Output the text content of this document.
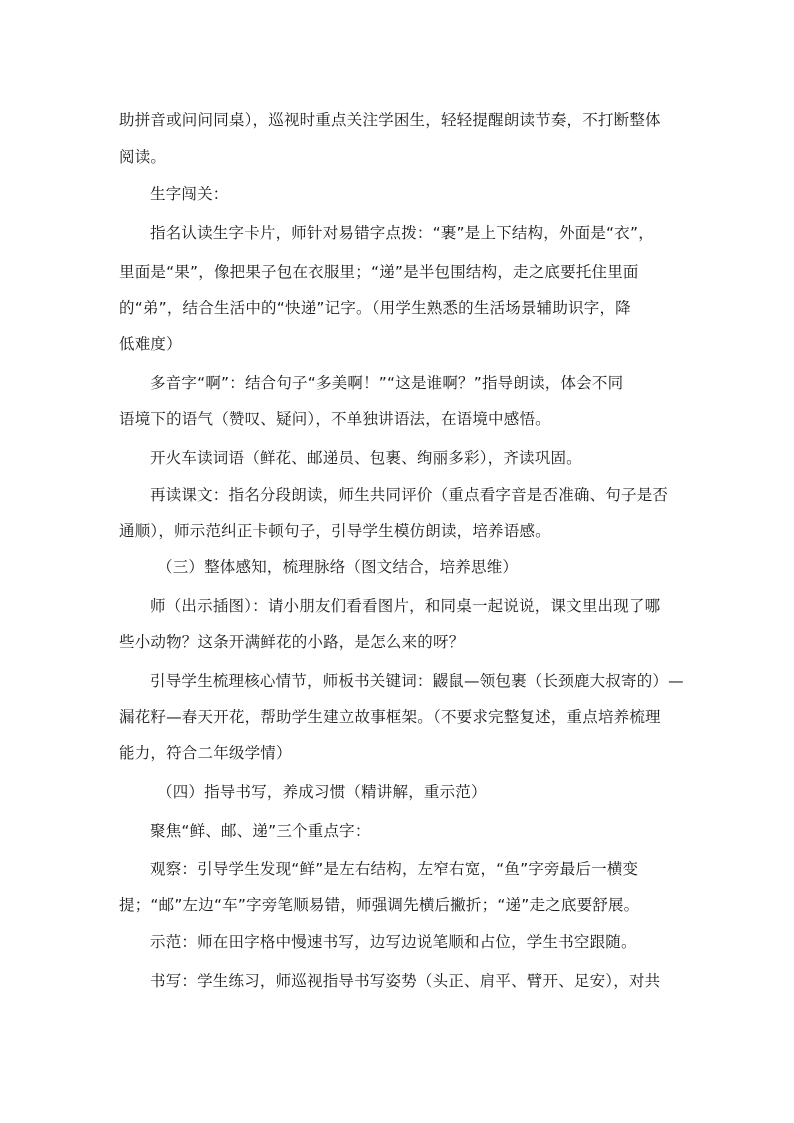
助拼音或问问同桌），巡视时重点关注学困生，轻轻提醒朗读节奏，不打断整体
阅读。
生字闯关：
指名认读生字卡片，师针对易错字点拨：“裹”是上下结构，外面是“衣”，
里面是“果”，像把果子包在衣服里；“递”是半包围结构，走之底要托住里面
的“弟”，结合生活中的“快递”记字。（用学生熟悉的生活场景辅助识字，降
低难度）
多音字“啊”：结合句子“多美啊！”“这是谁啊？”指导朗读，体会不同
语境下的语气（赞叹、疑问），不单独讲语法，在语境中感悟。
开火车读词语（鲜花、邮递员、包裹、绚丽多彩），齐读巩固。
再读课文：指名分段朗读，师生共同评价（重点看字音是否准确、句子是否
通顺），师示范纠正卡顿句子，引导学生模仿朗读，培养语感。
（三）整体感知，梳理脉络（图文结合，培养思维）
师（出示插图）：请小朋友们看看图片，和同桌一起说说，课文里出现了哪
些小动物？这条开满鲜花的小路，是怎么来的呀？
引导学生梳理核心情节，师板书关键词：鼹鼠—领包裹（长颈鹿大叔寄的）—
漏花籽—春天开花，帮助学生建立故事框架。（不要求完整复述，重点培养梳理
能力，符合二年级学情）
（四）指导书写，养成习惯（精讲解，重示范）
聚焦“鲜、邮、递”三个重点字：
观察：引导学生发现“鲜”是左右结构，左窄右宽，“鱼”字旁最后一横变
提；“邮”左边“车”字旁笔顺易错，师强调先横后撇折；“递”走之底要舒展。
示范：师在田字格中慢速书写，边写边说笔顺和占位，学生书空跟随。
书写：学生练习，师巡视指导书写姿势（头正、肩平、臂开、足安），对共
